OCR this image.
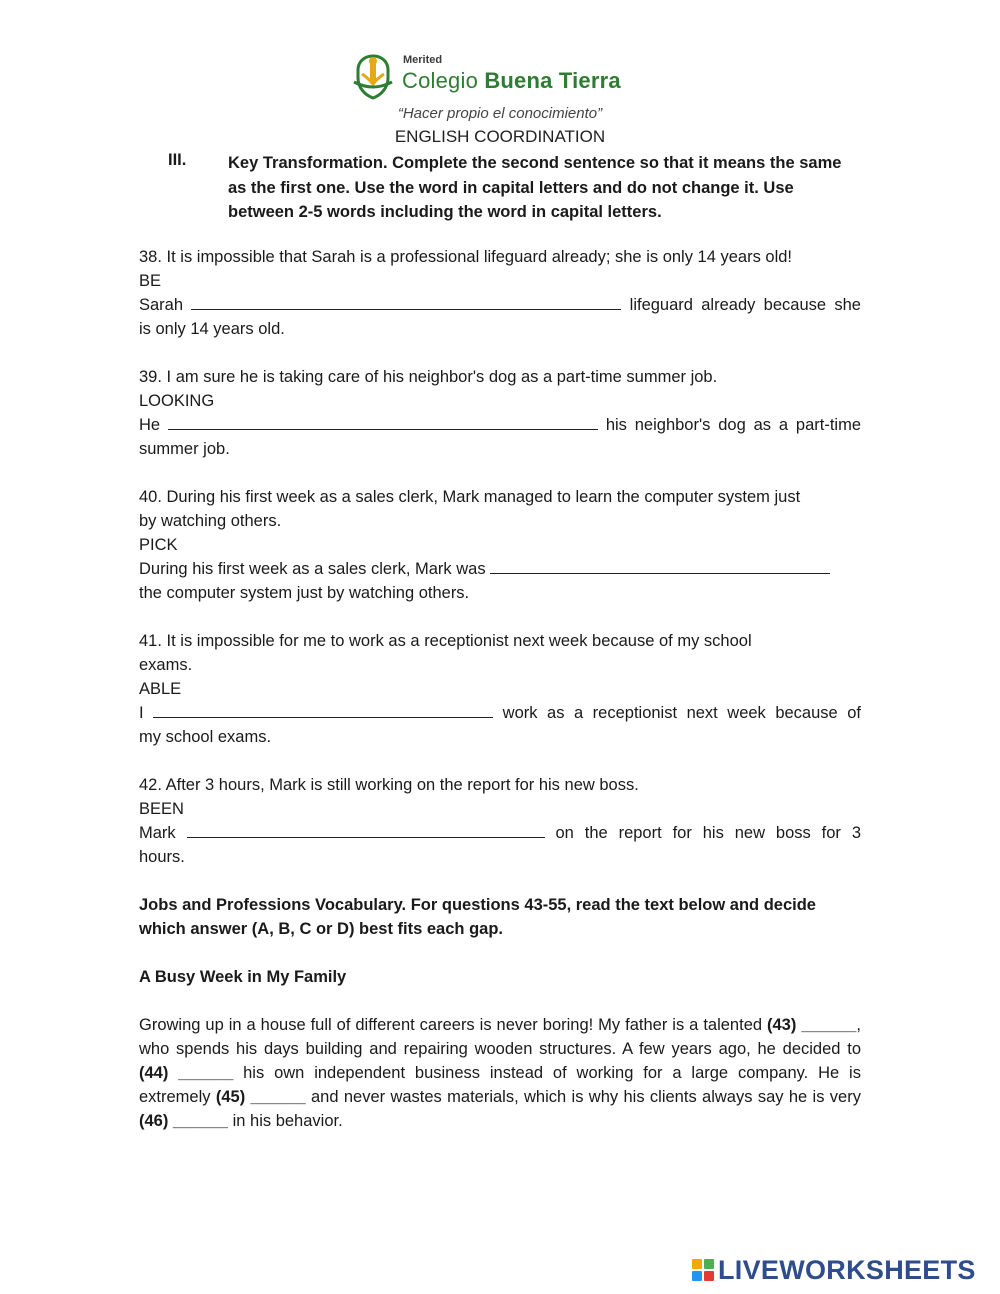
Merited
Colegio Buena Tierra
“Hacer propio el conocimiento”
ENGLISH COORDINATION
III.	Key Transformation. Complete the second sentence so that it means the same as the first one. Use the word in capital letters and do not change it. Use between 2-5 words including the word in capital letters.
38. It is impossible that Sarah is a professional lifeguard already; she is only 14 years old!
BE
Sarah	lifeguard already because she
is only 14 years old.
39. I am sure he is taking care of his neighbor's dog as a part-time summer job.
LOOKING
He	his neighbor's dog as a part-time
summer job.
40. During his first week as a sales clerk, Mark managed to learn the computer system just
by watching others.
PICK
During his first week as a sales clerk, Mark was
the computer system just by watching others.
41. It is impossible for me to work as a receptionist next week because of my school
exams.
ABLE
I	work as a receptionist next week because of
my school exams.
42. After 3 hours, Mark is still working on the report for his new boss.
BEEN
Mark	on the report for his new boss for 3
hours.
Jobs and Professions Vocabulary. For questions 43-55, read the text below and decide which answer (A, B, C or D) best fits each gap.
A Busy Week in My Family

Growing up in a house full of different careers is never boring! My father is a talented (43) ______, who spends his days building and repairing wooden structures. A few years ago, he decided to (44) ______ his own independent business instead of working for a large company. He is extremely (45) ______ and never wastes materials, which is why his clients always say he is very (46) ______ in his behavior.

LIVEWORKSHEETS
